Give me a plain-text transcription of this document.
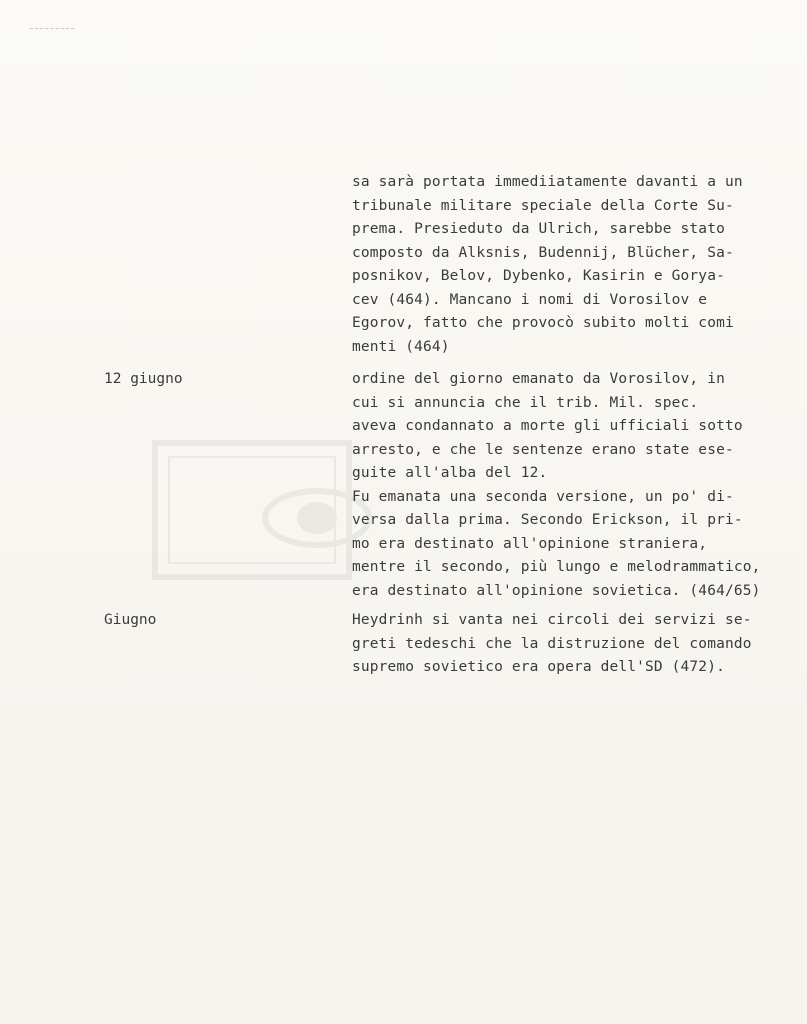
sa sarà portata immediiatamente davanti a un
tribunale militare speciale della Corte Su-
prema. Presieduto da Ulrich, sarebbe stato
composto da Alksnis, Budennij, Blücher, Sa-
posnikov, Belov, Dybenko, Kasirin e Gorya-
cev (464). Mancano i nomi di Vorosilov e
Egorov, fatto che provocò subito molti comi
menti (464)
12 giugno	ordine del giorno emanato da Vorosilov, in
cui si annuncia che il trib. Mil. spec.
aveva condannato a morte gli ufficiali sotto
arresto, e che le sentenze erano state ese-
guite all'alba del 12.
Fu emanata una seconda versione, un po' di-
versa dalla prima. Secondo Erickson, il pri-
mo era destinato all'opinione straniera,
mentre il secondo, più lungo e melodrammatico,
era destinato all'opinione sovietica. (464/65)
Giugno	Heydrinh si vanta nei circoli dei servizi se-
greti tedeschi che la distruzione del comando
supremo sovietico era opera dell'SD (472).
